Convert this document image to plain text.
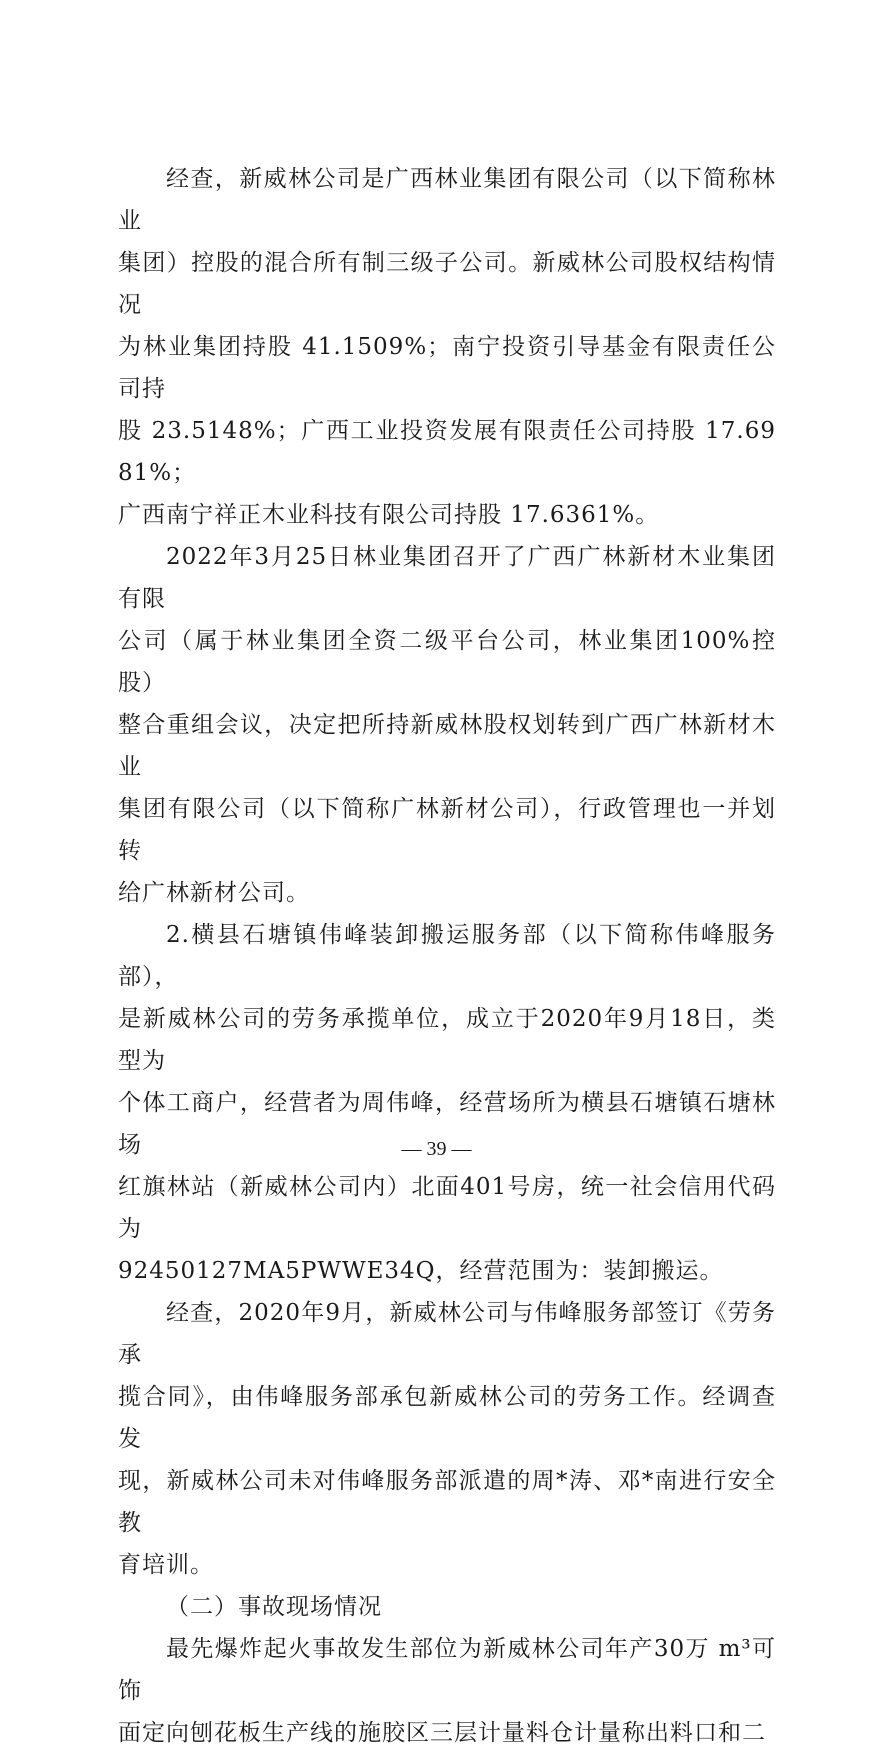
经查，新威林公司是广西林业集团有限公司（以下简称林业
集团）控股的混合所有制三级子公司。新威林公司股权结构情况
为林业集团持股 41.1509%；南宁投资引导基金有限责任公司持
股 23.5148%；广西工业投资发展有限责任公司持股 17.6981%；
广西南宁祥正木业科技有限公司持股 17.6361%。

2022年3月25日林业集团召开了广西广林新材木业集团有限
公司（属于林业集团全资二级平台公司，林业集团100%控股）
整合重组会议，决定把所持新威林股权划转到广西广林新材木业
集团有限公司（以下简称广林新材公司），行政管理也一并划转
给广林新材公司。

2.横县石塘镇伟峰装卸搬运服务部（以下简称伟峰服务部），
是新威林公司的劳务承揽单位，成立于2020年9月18日，类型为
个体工商户，经营者为周伟峰，经营场所为横县石塘镇石塘林场
红旗林站（新威林公司内）北面401号房，统一社会信用代码为
92450127MA5PWWE34Q，经营范围为：装卸搬运。

经查，2020年9月，新威林公司与伟峰服务部签订《劳务承
揽合同》，由伟峰服务部承包新威林公司的劳务工作。经调查发
现，新威林公司未对伟峰服务部派遣的周*涛、邓*南进行安全教
育培训。

（二）事故现场情况

最先爆炸起火事故发生部位为新威林公司年产30万 m³可饰
面定向刨花板生产线的施胶区三层计量料仓计量称出料口和二

— 39 —
